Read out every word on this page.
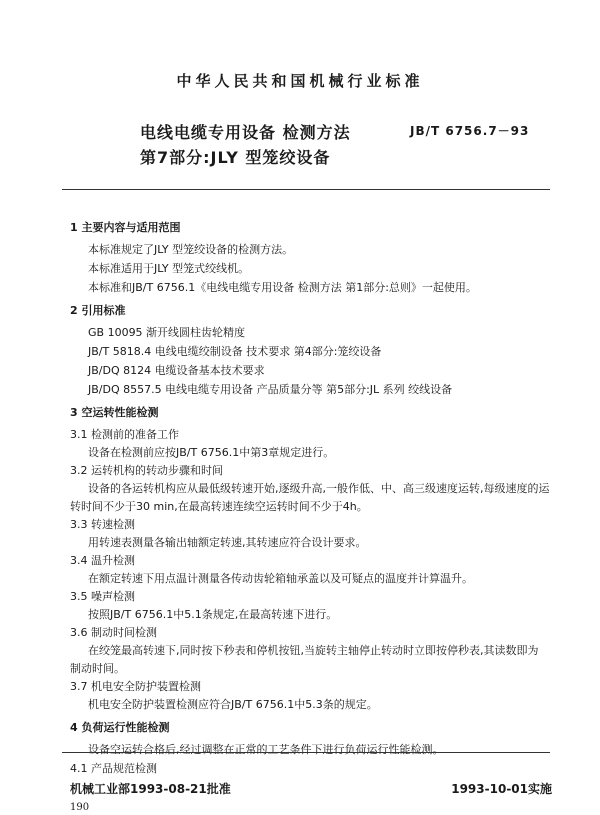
中华人民共和国机械行业标准
电线电缆专用设备 检测方法
第7部分:JLY 型笼绞设备
JB/T 6756.7－93
1 主要内容与适用范围
本标准规定了JLY 型笼绞设备的检测方法。
本标准适用于JLY 型笼式绞线机。
本标准和JB/T 6756.1《电线电缆专用设备 检测方法 第1部分:总则》一起使用。
2 引用标准
GB 10095 渐开线圆柱齿轮精度
JB/T 5818.4 电线电缆绞制设备 技术要求 第4部分:笼绞设备
JB/DQ 8124 电缆设备基本技术要求
JB/DQ 8557.5 电线电缆专用设备 产品质量分等 第5部分:JL 系列 绞线设备
3 空运转性能检测
3.1 检测前的准备工作
设备在检测前应按JB/T 6756.1中第3章规定进行。
3.2 运转机构的转动步骤和时间
设备的各运转机构应从最低级转速开始,逐级升高,一般作低、中、高三级速度运转,每级速度的运
转时间不少于30 min,在最高转速连续空运转时间不少于4h。
3.3 转速检测
用转速表测量各输出轴额定转速,其转速应符合设计要求。
3.4 温升检测
在额定转速下用点温计测量各传动齿轮箱轴承盖以及可疑点的温度并计算温升。
3.5 噪声检测
按照JB/T 6756.1中5.1条规定,在最高转速下进行。
3.6 制动时间检测
在绞笼最高转速下,同时按下秒表和停机按钮,当旋转主轴停止转动时立即按停秒表,其读数即为
制动时间。
3.7 机电安全防护装置检测
机电安全防护装置检测应符合JB/T 6756.1中5.3条的规定。
4 负荷运行性能检测
设备空运转合格后,经过调整在正常的工艺条件下进行负荷运行性能检测。
4.1 产品规范检测
机械工业部1993-08-21批准	1993-10-01实施
190
